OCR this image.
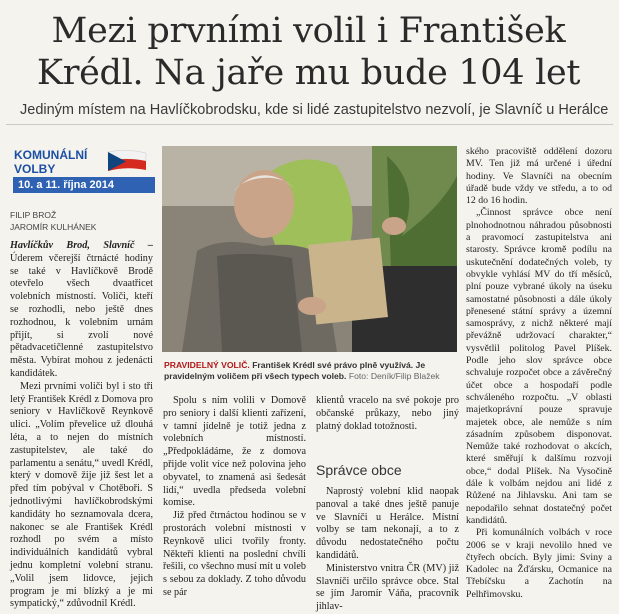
Mezi prvními volil i František Krédl. Na jaře mu bude 104 let
Jediným místem na Havlíčkobrodsku, kde si lidé zastupitelstvo nezvolí, je Slavníč u Herálce
KOMUNÁLNÍ
VOLBY
10. a 11. října 2014
FILIP BROŽ
JAROMÍR KULHÁNEK

Havlíčkův Brod, Slavníč – Úderem včerejší čtrnácté hodiny se také v Havlíčkově Brodě otevřelo všech dvaatřicet volebních místností. Voliči, kteří se rozhodli, nebo ještě dnes rozhodnou, k volebním urnám přijít, si zvolí nové pětadvacetičlenné zastupitelstvo města. Vybírat mohou z jedenácti kandidátek.

Mezi prvními voliči byl i sto tři letý František Krédl z Domova pro seniory v Havlíčkově Reynkově ulici. „Volím převelice už dlouhá léta, a to nejen do místních zastupitelstev, ale také do parlamentu a senátu,“ uvedl Krédl, který v domově žije již šest let a před tím pobýval v Chotěboři. S jednotlivými havlíčkobrodskými kandidáty ho seznamovala dcera, nakonec se ale František Krédl rozhodl po svém a místo individuálních kandidátů vybral jednu kompletní volební stranu. „Volil jsem lidovce, jejich program je mi blízký a je mi sympatický,“ zdůvodnil Krédl.

PRAVIDELNÝ VOLIČ. František Krédl své právo plně využívá. Je pravidelným voličem při všech typech voleb. Foto: Deník/Filip Blažek

Spolu s ním volili v Domově pro seniory i další klienti zařízení, v tamní jídelně je totiž jedna z volebních místností. „Předpokládáme, že z domova přijde volit více než polovina jeho obyvatel, to znamená asi šedesát lidí,“ uvedla předseda volební komise.

Již před čtrnáctou hodinou se v prostorách volební místnosti v Reynkově ulici tvořily fronty. Někteří klienti na poslední chvíli řešili, co všechno musí mít u voleb s sebou za doklady. Z toho důvodu se pár

klientů vracelo na své pokoje pro občanské průkazy, nebo jiný platný doklad totožnosti.

Správce obce

Naprostý volební klid naopak panoval a také dnes ještě panuje ve Slavníči u Herálce. Místní volby se tam nekonají, a to z důvodu nedostatečného počtu kandidátů.

Ministerstvo vnitra ČR (MV) již Slavníči určilo správce obce. Stal se jím Jaromír Váňa, pracovník jihlav-

ského pracoviště oddělení dozoru MV. Ten již má určené i úřední hodiny. Ve Slavníči na obecním úřadě bude vždy ve středu, a to od 12 do 16 hodin.

„Činnost správce obce není plnohodnotnou náhradou působnosti a pravomocí zastupitelstva ani starosty. Správce kromě podílu na uskutečnění dodatečných voleb, ty obvykle vyhlásí MV do tří měsíců, plní pouze vybrané úkoly na úseku samostatné působnosti a dále úkoly přenesené státní správy a územní samosprávy, z nichž některé mají převážně udržovací charakter,“ vysvětlil politolog Pavel Plíšek. Podle jeho slov správce obce schvaluje rozpočet obce a závěrečný účet obce a hospodaří podle schváleného rozpočtu. „V oblasti majetkoprávní pouze spravuje majetek obce, ale nemůže s ním zásadním způsobem disponovat. Nemůže také rozhodovat o akcích, které směřují k dalšímu rozvoji obce,“ dodal Plíšek. Na Vysočině dále k volbám nejdou ani lidé z Růžené na Jihlavsku. Ani tam se nepodařilo sehnat dostatečný počet kandidátů.

Při komunálních volbách v roce 2006 se v kraji nevolilo hned ve čtyřech obcích. Byly jimi: Sviny a Kadolec na Žďársku, Ocmanice na Třebíčsku a Zachotín na Pelhřimovsku.
